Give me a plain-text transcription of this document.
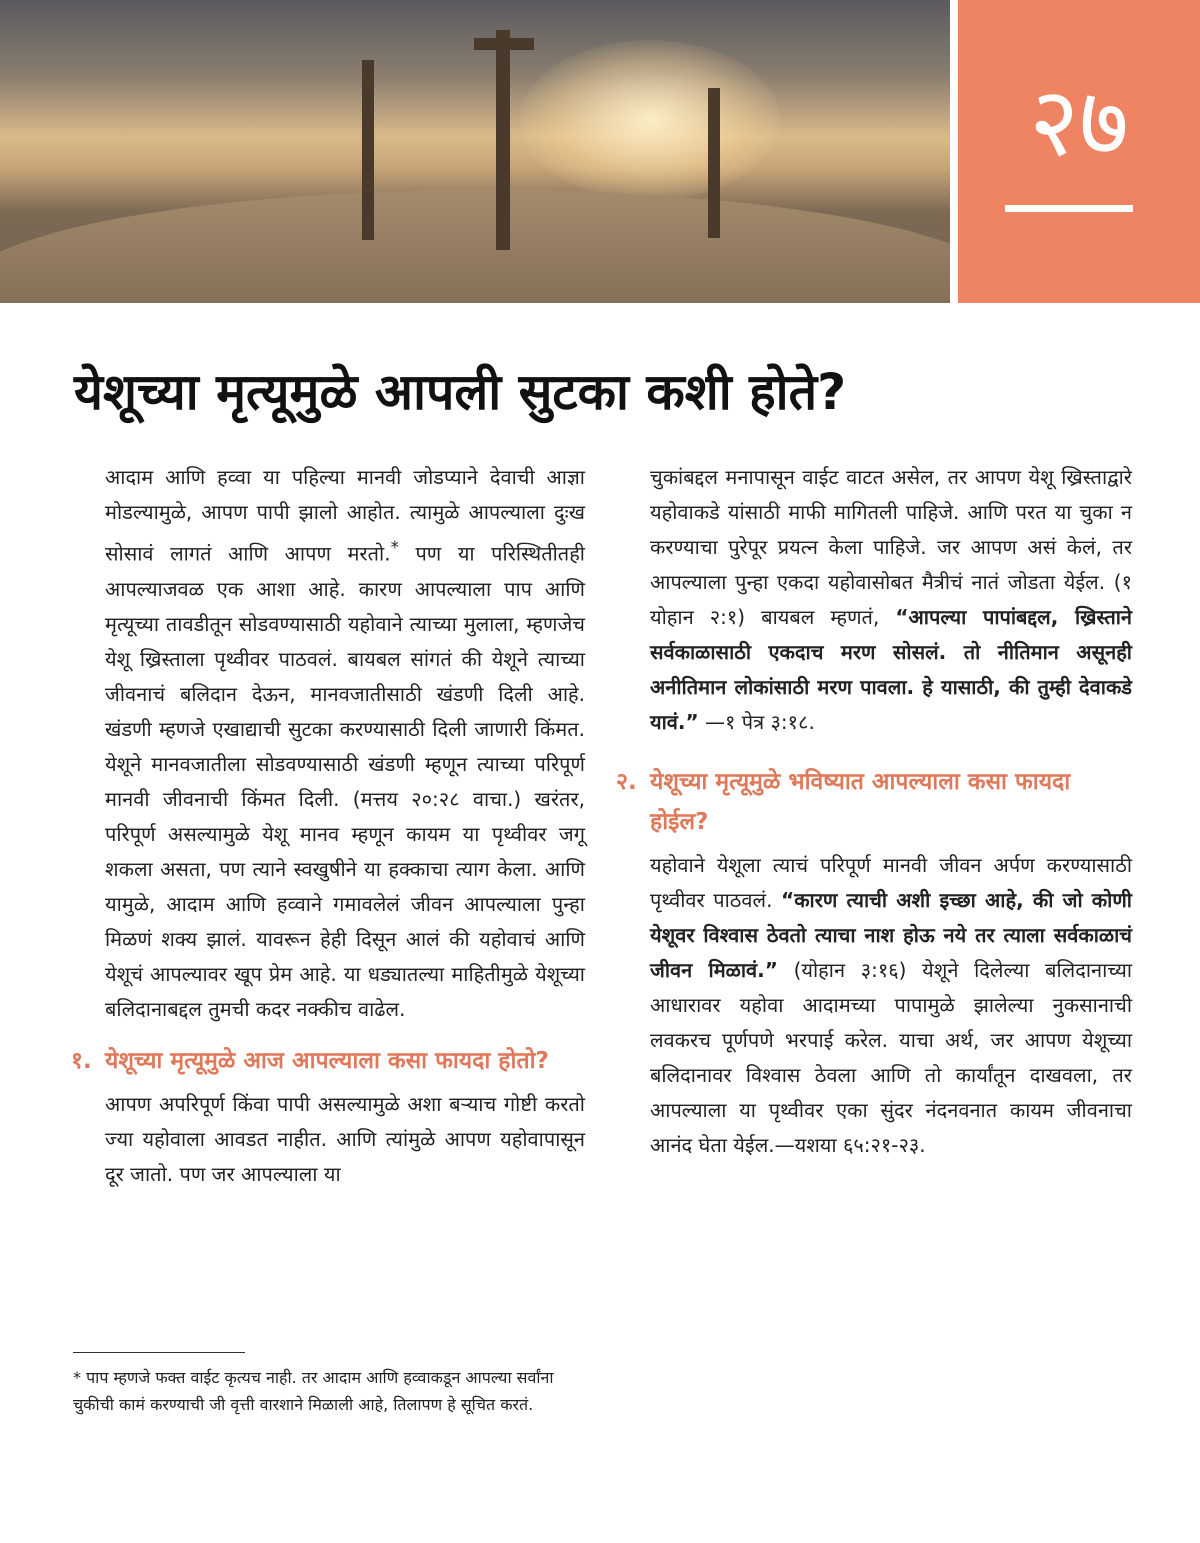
२७
येशूच्या मृत्यूमुळे आपली सुटका कशी होते?

आदाम आणि हव्वा या पहिल्या मानवी जोडप्याने देवाची आज्ञा मोडल्यामुळे, आपण पापी झालो आहोत. त्यामुळे आपल्याला दुःख सोसावं लागतं आणि आपण मरतो.* पण या परिस्थितीतही आपल्याजवळ एक आशा आहे. कारण आपल्याला पाप आणि मृत्यूच्या तावडीतून सोडवण्यासाठी यहोवाने त्याच्या मुलाला, म्हणजेच येशू ख्रिस्ताला पृथ्वीवर पाठवलं. बायबल सांगतं की येशूने त्याच्या जीवनाचं बलिदान देऊन, मानवजातीसाठी खंडणी दिली आहे. खंडणी म्हणजे एखाद्याची सुटका करण्यासाठी दिली जाणारी किंमत. येशूने मानवजातीला सोडवण्यासाठी खंडणी म्हणून त्याच्या परिपूर्ण मानवी जीवनाची किंमत दिली. (मत्तय २०:२८ वाचा.) खरंतर, परिपूर्ण असल्यामुळे येशू मानव म्हणून कायम या पृथ्वीवर जगू शकला असता, पण त्याने स्वखुषीने या हक्काचा त्याग केला. आणि यामुळे, आदाम आणि हव्वाने गमावलेलं जीवन आपल्याला पुन्हा मिळणं शक्य झालं. यावरून हेही दिसून आलं की यहोवाचं आणि येशूचं आपल्यावर खूप प्रेम आहे. या धड्यातल्या माहितीमुळे येशूच्या बलिदानाबद्दल तुमची कदर नक्कीच वाढेल.

१. येशूच्या मृत्यूमुळे आज आपल्याला कसा फायदा होतो?

आपण अपरिपूर्ण किंवा पापी असल्यामुळे अशा बऱ्याच गोष्टी करतो ज्या यहोवाला आवडत नाहीत. आणि त्यांमुळे आपण यहोवापासून दूर जातो. पण जर आपल्याला या

* पाप म्हणजे फक्त वाईट कृत्यच नाही. तर आदाम आणि हव्वाकडून आपल्या सर्वांना चुकीची कामं करण्याची जी वृत्ती वारशाने मिळाली आहे, तिलापण हे सूचित करतं.

चुकांबद्दल मनापासून वाईट वाटत असेल, तर आपण येशू ख्रिस्ताद्वारे यहोवाकडे यांसाठी माफी मागितली पाहिजे. आणि परत या चुका न करण्याचा पुरेपूर प्रयत्न केला पाहिजे. जर आपण असं केलं, तर आपल्याला पुन्हा एकदा यहोवासोबत मैत्रीचं नातं जोडता येईल. (१ योहान २:१) बायबल म्हणतं, “आपल्या पापांबद्दल, ख्रिस्ताने सर्वकाळासाठी एकदाच मरण सोसलं. तो नीतिमान असूनही अनीतिमान लोकांसाठी मरण पावला. हे यासाठी, की तुम्ही देवाकडे यावं.” —१ पेत्र ३:१८.

२. येशूच्या मृत्यूमुळे भविष्यात आपल्याला कसा फायदा होईल?

यहोवाने येशूला त्याचं परिपूर्ण मानवी जीवन अर्पण करण्यासाठी पृथ्वीवर पाठवलं. “कारण त्याची अशी इच्छा आहे, की जो कोणी येशूवर विश्वास ठेवतो त्याचा नाश होऊ नये तर त्याला सर्वकाळाचं जीवन मिळावं.” (योहान ३:१६) येशूने दिलेल्या बलिदानाच्या आधारावर यहोवा आदामच्या पापामुळे झालेल्या नुकसानाची लवकरच पूर्णपणे भरपाई करेल. याचा अर्थ, जर आपण येशूच्या बलिदानावर विश्वास ठेवला आणि तो कार्यांतून दाखवला, तर आपल्याला या पृथ्वीवर एका सुंदर नंदनवनात कायम जीवनाचा आनंद घेता येईल.—यशया ६५:२१-२३.
